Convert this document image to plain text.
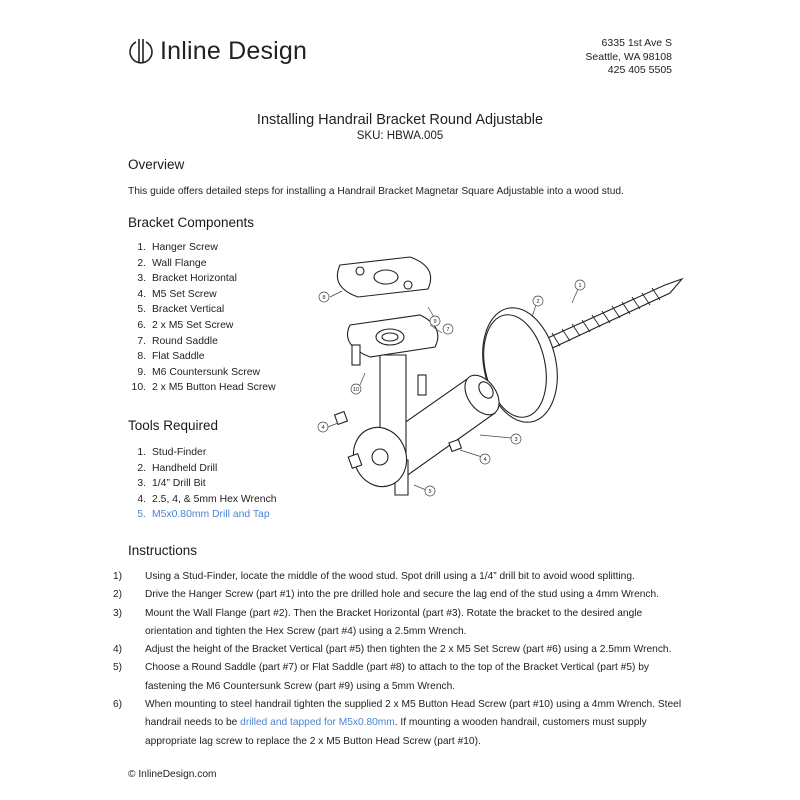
Inline Design	6335 1st Ave S
Seattle, WA 98108
425 405 5505
Installing Handrail Bracket Round Adjustable
SKU: HBWA.005
Overview
This guide offers detailed steps for installing a Handrail Bracket Magnetar Square Adjustable into a wood stud.
Bracket Components
1. Hanger Screw
2. Wall Flange
3. Bracket Horizontal
4. M5 Set Screw
5. Bracket Vertical
6. 2 x M5 Set Screw
7. Round Saddle
8. Flat Saddle
9. M6 Countersunk Screw
10. 2 x M5 Button Head Screw
Tools Required
1. Stud-Finder
2. Handheld Drill
3. 1/4” Drill Bit
4. 2.5, 4, & 5mm Hex Wrench
5. M5x0.80mm Drill and Tap
8
9
7
10
4
3
4
5
2
1
6
Instructions
1) Using a Stud-Finder, locate the middle of the wood stud. Spot drill using a 1/4” drill bit to avoid wood splitting.
2) Drive the Hanger Screw (part #1) into the pre drilled hole and secure the lag end of the stud using a 4mm Wrench.
3) Mount the Wall Flange (part #2). Then the Bracket Horizontal (part #3). Rotate the bracket to the desired angle orientation and tighten the Hex Screw (part #4) using a 2.5mm Wrench.
4) Adjust the height of the Bracket Vertical (part #5) then tighten the 2 x M5 Set Screw (part #6) using a 2.5mm Wrench.
5) Choose a Round Saddle (part #7) or Flat Saddle (part #8) to attach to the top of the Bracket Vertical (part #5) by fastening the M6 Countersunk Screw (part #9) using a 5mm Wrench.
6) When mounting to steel handrail tighten the supplied 2 x M5 Button Head Screw (part #10) using a 4mm Wrench. Steel handrail needs to be drilled and tapped for M5x0.80mm. If mounting a wooden handrail, customers must supply appropriate lag screw to replace the 2 x M5 Button Head Screw (part #10).
© InlineDesign.com
